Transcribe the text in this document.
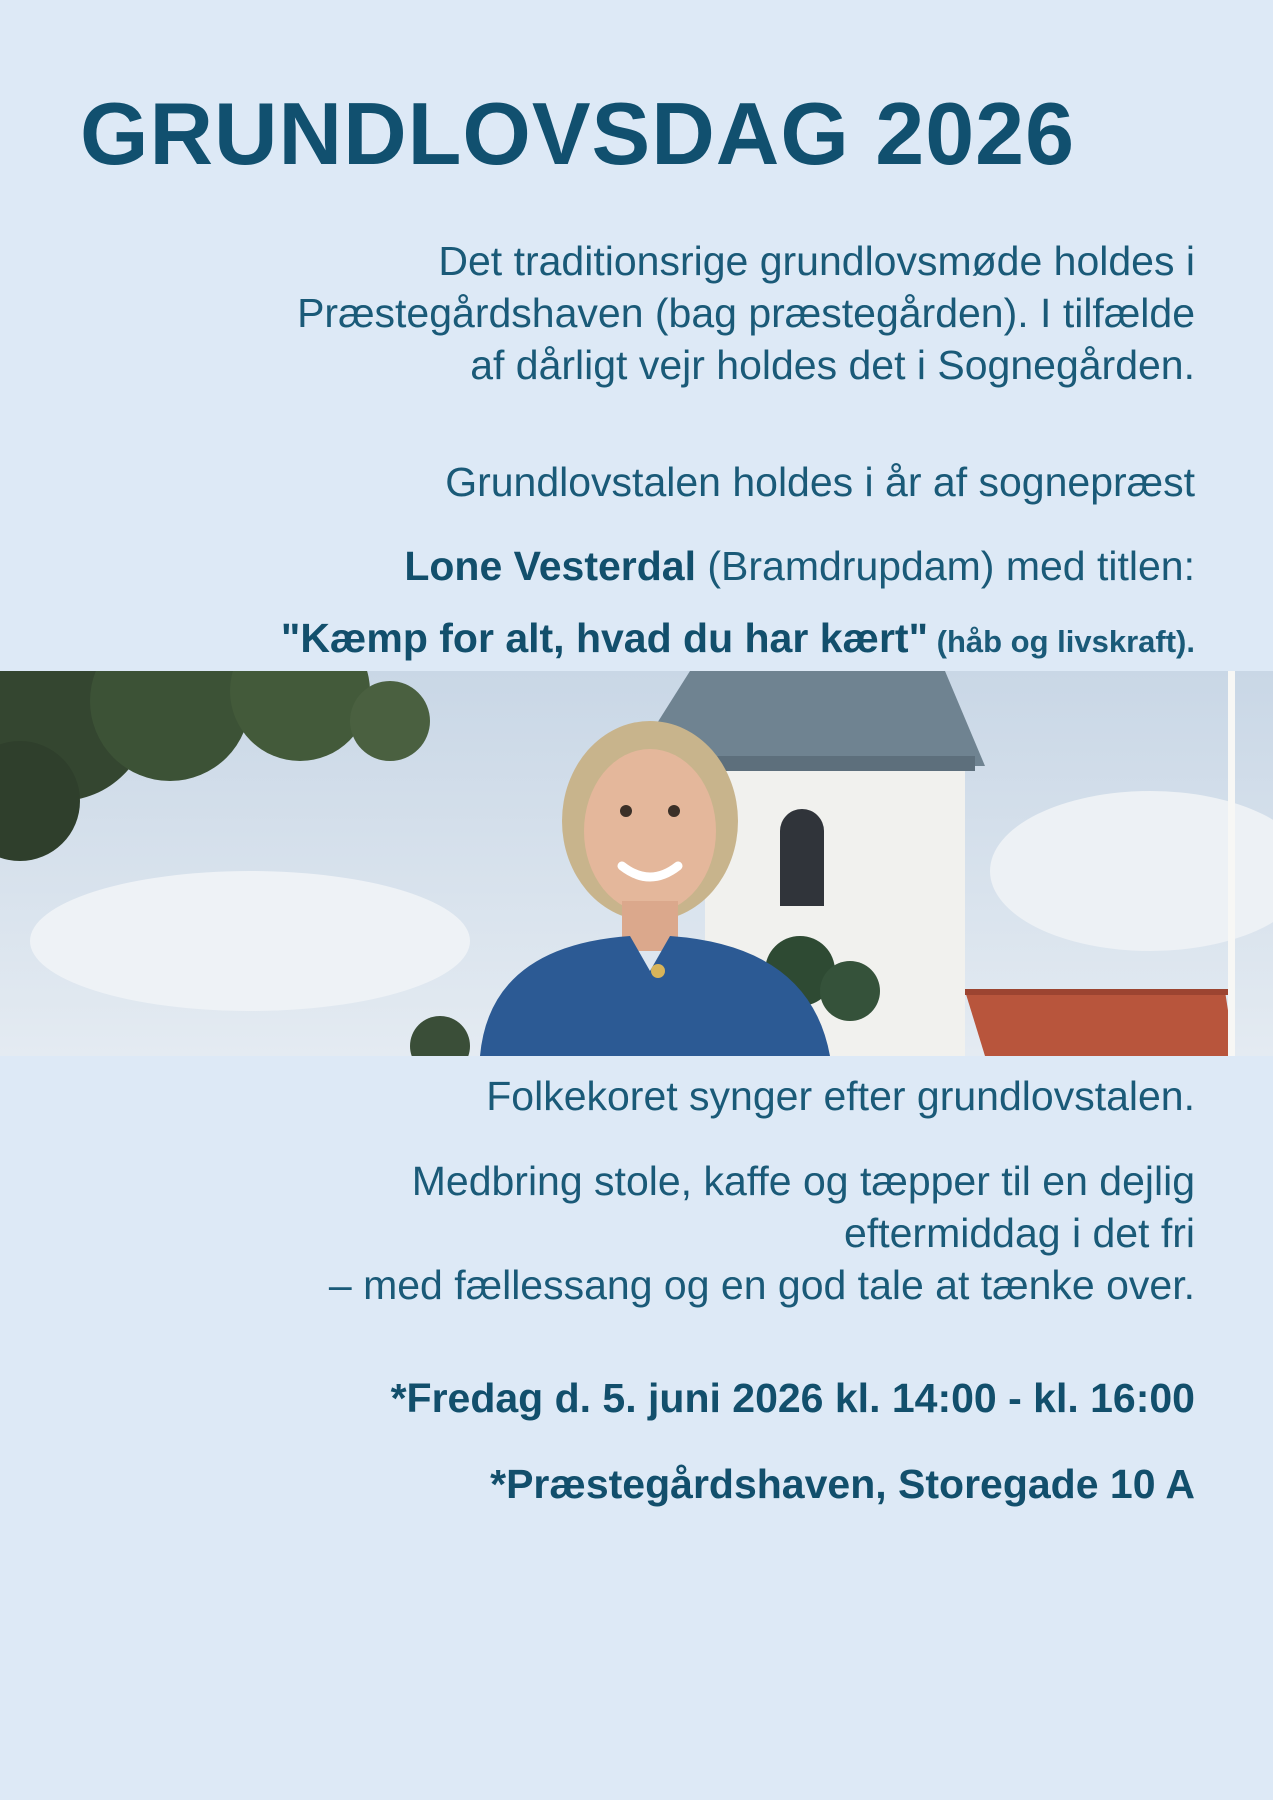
GRUNDLOVSDAG 2026
Det traditionsrige grundlovsmøde holdes i
Præstegårdshaven (bag præstegården). I tilfælde
af dårligt vejr holdes det i Sognegården.
Grundlovstalen holdes i år af sognepræst
Lone Vesterdal (Bramdrupdam) med titlen:
"Kæmp for alt, hvad du har kært" (håb og livskraft).
Folkekoret synger efter grundlovstalen.
Medbring stole, kaffe og tæpper til en dejlig
eftermiddag i det fri
– med fællessang og en god tale at tænke over.
*Fredag d. 5. juni 2026 kl. 14:00 - kl. 16:00
*Præstegårdshaven, Storegade 10 A
